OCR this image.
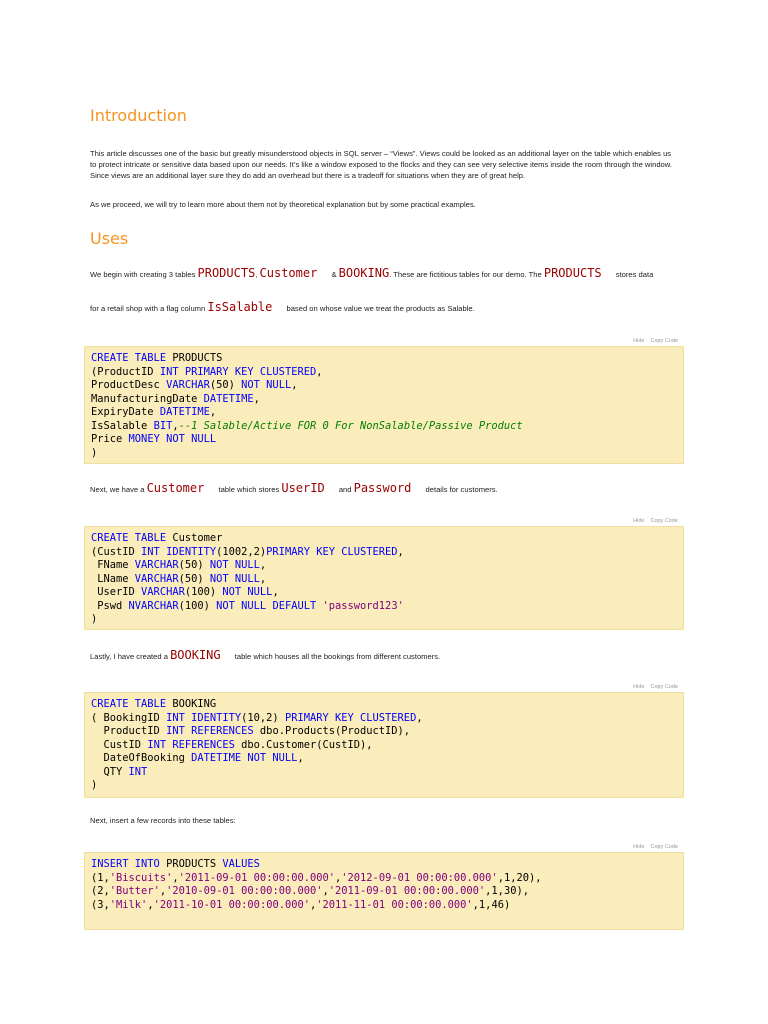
Introduction

This article discusses one of the basic but greatly misunderstood objects in SQL server – “Views”. Views could be looked as an additional layer on the table which enables us to protect intricate or sensitive data based upon our needs. It’s like a window exposed to the flocks and they can see very selective items inside the room through the window. Since views are an additional layer sure they do add an overhead but there is a tradeoff for situations when they are of great help.

As we proceed, we will try to learn more about them not by theoretical explanation but by some practical examples.

Uses

We begin with creating 3 tables PRODUCTS, Customer & BOOKING. These are fictitious tables for our demo. The PRODUCTS stores data

for a retail shop with a flag column IsSalable based on whose value we treat the products as Salable.

Hide Copy Code
CREATE TABLE PRODUCTS
(ProductID INT PRIMARY KEY CLUSTERED,
ProductDesc VARCHAR(50) NOT NULL,
ManufacturingDate DATETIME,
ExpiryDate DATETIME,
IsSalable BIT,--1 Salable/Active FOR 0 For NonSalable/Passive Product
Price MONEY NOT NULL
)

Next, we have a Customer table which stores UserID and Password details for customers.

Hide Copy Code
CREATE TABLE Customer
(CustID INT IDENTITY(1002,2)PRIMARY KEY CLUSTERED,
FName VARCHAR(50) NOT NULL,
LName VARCHAR(50) NOT NULL,
UserID VARCHAR(100) NOT NULL,
Pswd NVARCHAR(100) NOT NULL DEFAULT 'password123'
)

Lastly, I have created a BOOKING table which houses all the bookings from different customers.

Hide Copy Code
CREATE TABLE BOOKING
( BookingID INT IDENTITY(10,2) PRIMARY KEY CLUSTERED,
ProductID INT REFERENCES dbo.Products(ProductID),
CustID INT REFERENCES dbo.Customer(CustID),
DateOfBooking DATETIME NOT NULL,
QTY INT
)

Next, insert a few records into these tables:

Hide Copy Code
INSERT INTO PRODUCTS VALUES
(1,'Biscuits','2011-09-01 00:00:00.000','2012-09-01 00:00:00.000',1,20),
(2,'Butter','2010-09-01 00:00:00.000','2011-09-01 00:00:00.000',1,30),
(3,'Milk','2011-10-01 00:00:00.000','2011-11-01 00:00:00.000',1,46)
